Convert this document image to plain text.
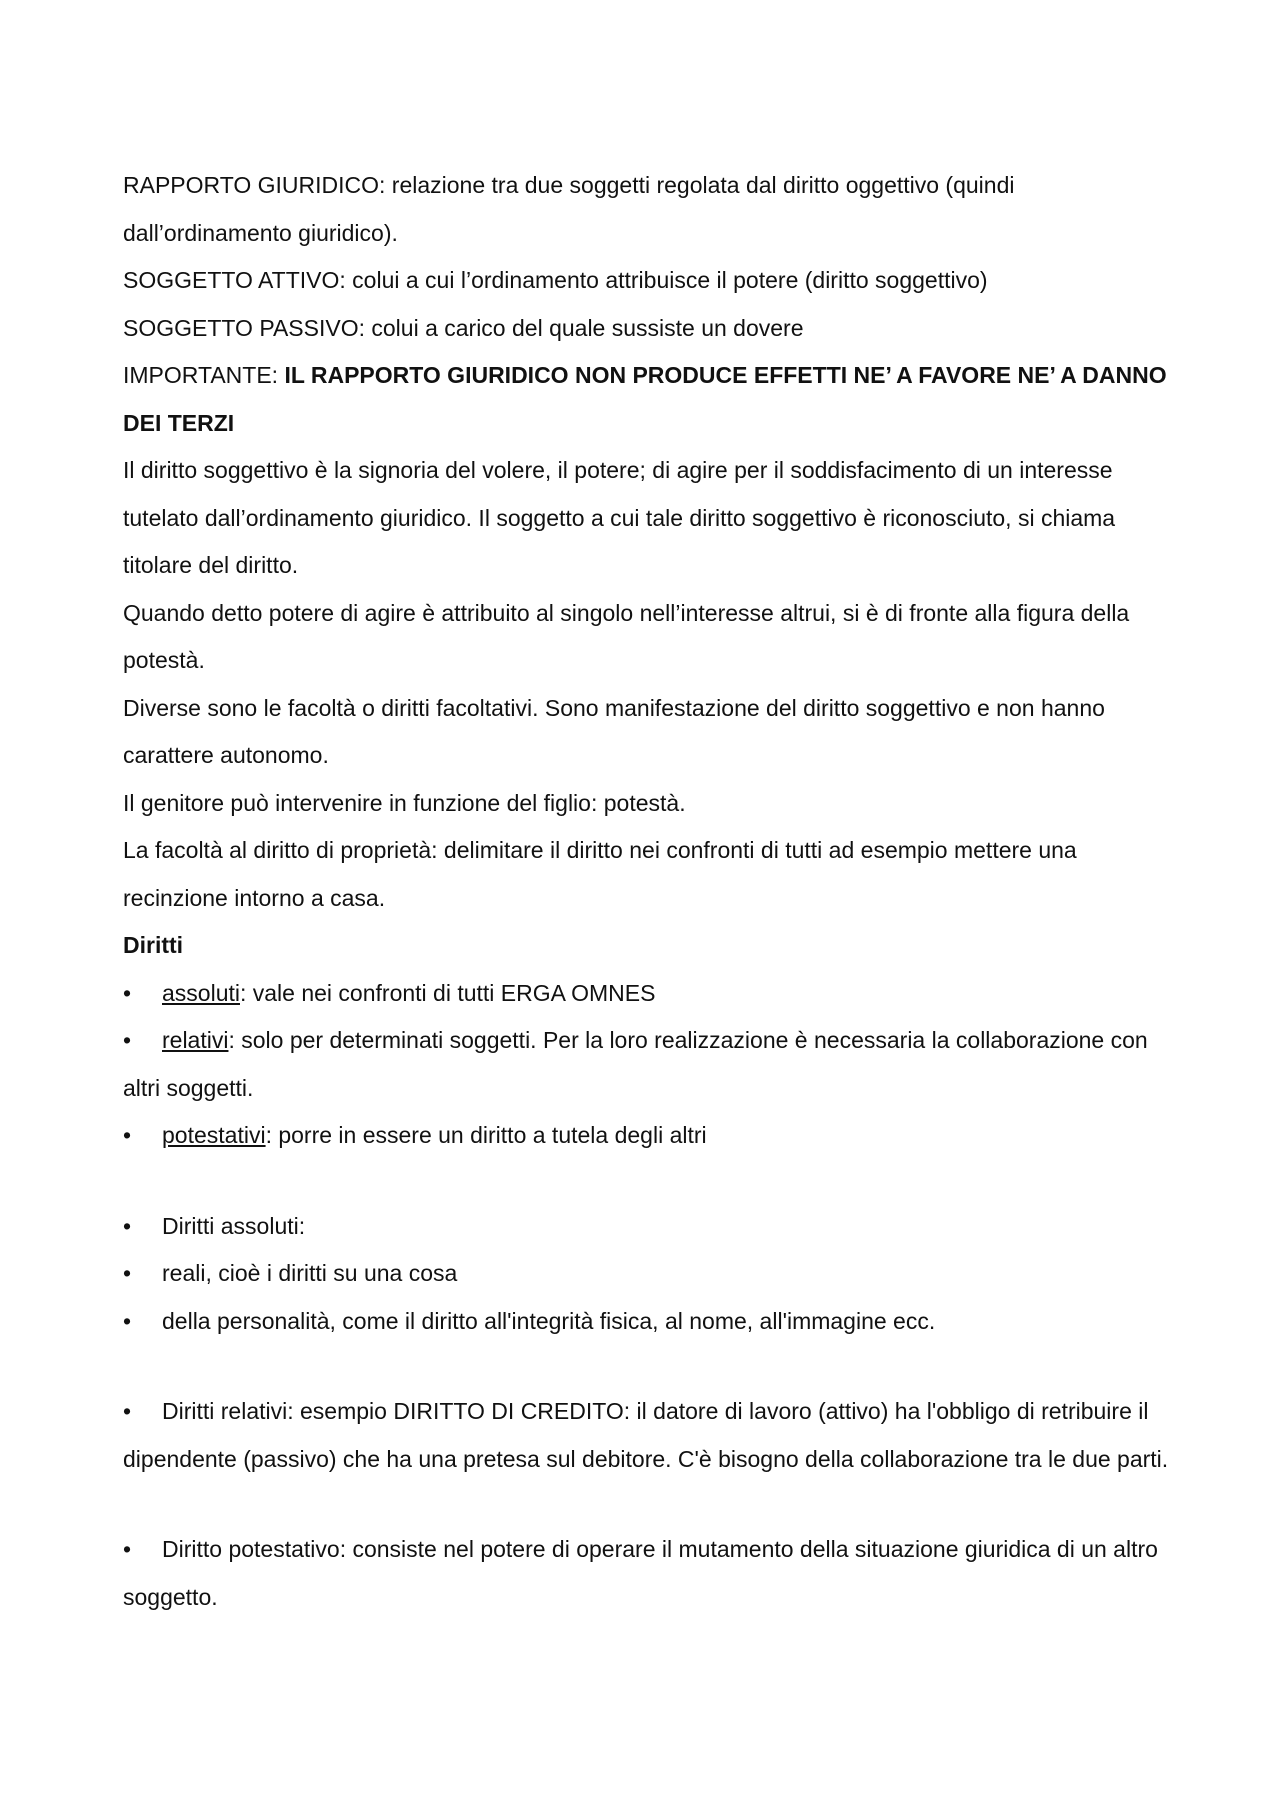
RAPPORTO GIURIDICO: relazione tra due soggetti regolata dal diritto oggettivo (quindi dall’ordinamento giuridico).

SOGGETTO ATTIVO: colui a cui l’ordinamento attribuisce il potere (diritto soggettivo)

SOGGETTO PASSIVO: colui a carico del quale sussiste un dovere

IMPORTANTE: IL RAPPORTO GIURIDICO NON PRODUCE EFFETTI NE’ A FAVORE NE’ A DANNO DEI TERZI

Il diritto soggettivo è la signoria del volere, il potere; di agire per il soddisfacimento di un interesse tutelato dall’ordinamento giuridico. Il soggetto a cui tale diritto soggettivo è riconosciuto, si chiama titolare del diritto.

Quando detto potere di agire è attribuito al singolo nell’interesse altrui, si è di fronte alla figura della potestà.

Diverse sono le facoltà o diritti facoltativi. Sono manifestazione del diritto soggettivo e non hanno carattere autonomo.

Il genitore può intervenire in funzione del figlio: potestà.

La facoltà al diritto di proprietà: delimitare il diritto nei confronti di tutti ad esempio mettere una recinzione intorno a casa.

Diritti

• assoluti: vale nei confronti di tutti ERGA OMNES

• relativi: solo per determinati soggetti. Per la loro realizzazione è necessaria la collaborazione con altri soggetti.

• potestativi: porre in essere un diritto a tutela degli altri

• Diritti assoluti:

• reali, cioè i diritti su una cosa

• della personalità, come il diritto all'integrità fisica, al nome, all'immagine ecc.

• Diritti relativi: esempio DIRITTO DI CREDITO: il datore di lavoro (attivo) ha l'obbligo di retribuire il dipendente (passivo) che ha una pretesa sul debitore. C'è bisogno della collaborazione tra le due parti.

• Diritto potestativo: consiste nel potere di operare il mutamento della situazione giuridica di un altro soggetto.
